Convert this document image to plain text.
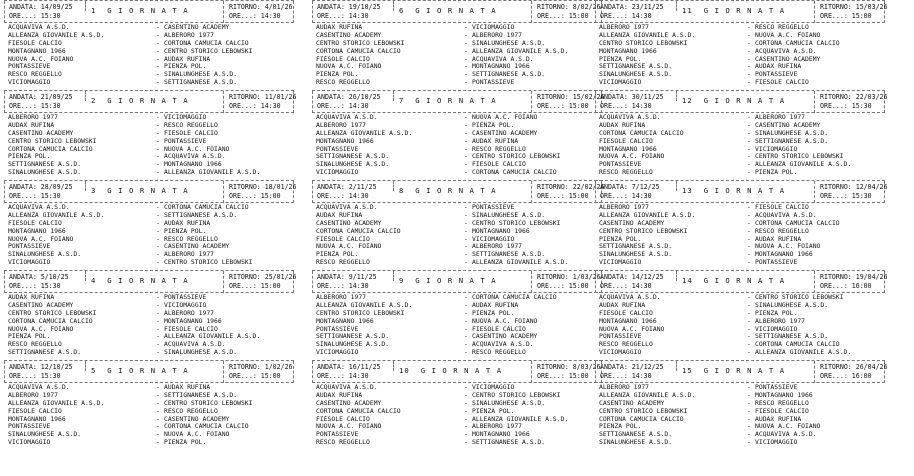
ANDATA: 14/09/25
ORE...: 15:30
1  G I O R N A T A	RITORNO: 4/01/26
ORE...: 14:30
ACQUAVIVA A.S.D.	- CASENTINO ACADEMY
ALLEANZA GIOVANILE A.S.D.	- ALBERORO 1977
FIESOLE CALCIO	- CORTONA CAMUCIA CALCIO
MONTAGNANO 1966	- CENTRO STORICO LEBOWSKI
NUOVA A.C. FOIANO	- AUDAX RUFINA
PONTASSIEVE	- PIENZA POL.
RESCO REGGELLO	- SINALUNGHESE A.S.D.
VICIOMAGGIO	- SETTIGNANESE A.S.D.
ANDATA: 21/09/25
ORE...: 15:30
2  G I O R N A T A	RITORNO: 11/01/26
ORE...: 14:30
ALBERORO 1977	- VICIOMAGGIO
AUDAX RUFINA	- RESCO REGGELLO
CASENTINO ACADEMY	- FIESOLE CALCIO
CENTRO STORICO LEBOWSKI	- PONTASSIEVE
CORTONA CAMUCIA CALCIO	- NUOVA A.C. FOIANO
PIENZA POL.	- ACQUAVIVA A.S.D.
SETTIGNANESE A.S.D.	- MONTAGNANO 1966
SINALUNGHESE A.S.D.	- ALLEANZA GIOVANILE A.S.D.
ANDATA: 28/09/25
ORE...: 15:30
3  G I O R N A T A	RITORNO: 18/01/26
ORE...: 15:00
ACQUAVIVA A.S.D.	- CORTONA CAMUCIA CALCIO
ALLEANZA GIOVANILE A.S.D.	- SETTIGNANESE A.S.D.
FIESOLE CALCIO	- AUDAX RUFINA
MONTAGNANO 1966	- PIENZA POL.
NUOVA A.C. FOIANO	- RESCO REGGELLO
PONTASSIEVE	- CASENTINO ACADEMY
SINALUNGHESE A.S.D.	- ALBERORO 1977
VICIOMAGGIO	- CENTRO STORICO LEBOWSKI
ANDATA: 5/10/25
ORE...: 15:30
4  G I O R N A T A	RITORNO: 25/01/26
ORE...: 15:00
AUDAX RUFINA	- PONTASSIEVE
CASENTINO ACADEMY	- VICIOMAGGIO
CENTRO STORICO LEBOWSKI	- ALBERORO 1977
CORTONA CAMUCIA CALCIO	- MONTAGNANO 1966
NUOVA A.C. FOIANO	- FIESOLE CALCIO
PIENZA POL.	- ALLEANZA GIOVANILE A.S.D.
RESCO REGGELLO	- ACQUAVIVA A.S.D.
SETTIGNANESE A.S.D.	- SINALUNGHESE A.S.D.
ANDATA: 12/10/25
ORE...: 15:30
5  G I O R N A T A	RITORNO: 1/02/26
ORE...: 15:00
ACQUAVIVA A.S.D.	- AUDAX RUFINA
ALBERORO 1977	- SETTIGNANESE A.S.D.
ALLEANZA GIOVANILE A.S.D.	- CENTRO STORICO LEBOWSKI
FIESOLE CALCIO	- RESCO REGGELLO
MONTAGNANO 1966	- CASENTINO ACADEMY
PONTASSIEVE	- CORTONA CAMUCIA CALCIO
SINALUNGHESE A.S.D.	- NUOVA A.C. FOIANO
VICIOMAGGIO	- PIENZA POL.
ANDATA: 19/10/25
ORE...: 14:30
6  G I O R N A T A	RITORNO: 8/02/26
ORE...: 15:00
AUDAX RUFINA	- VICIOMAGGIO
CASENTINO ACADEMY	- ALBERORO 1977
CENTRO STORICO LEBOWSKI	- SINALUNGHESE A.S.D.
CORTONA CAMUCIA CALCIO	- ALLEANZA GIOVANILE A.S.D.
FIESOLE CALCIO	- ACQUAVIVA A.S.D.
NUOVA A.C. FOIANO	- MONTAGNANO 1966
PIENZA POL.	- SETTIGNANESE A.S.D.
RESCO REGGELLO	- PONTASSIEVE
ANDATA: 26/10/25
ORE...: 14:30
7  G I O R N A T A	RITORNO: 15/02/26
ORE...: 15:00
ACQUAVIVA A.S.D.	- NUOVA A.C. FOIANO
ALBERORO 1977	- PIENZA POL.
ALLEANZA GIOVANILE A.S.D.	- CASENTINO ACADEMY
MONTAGNANO 1966	- AUDAX RUFINA
PONTASSIEVE	- RESCO REGGELLO
SETTIGNANESE A.S.D.	- CENTRO STORICO LEBOWSKI
SINALUNGHESE A.S.D.	- FIESOLE CALCIO
VICIOMAGGIO	- CORTONA CAMUCIA CALCIO
ANDATA: 2/11/25
ORE...: 14:30
8  G I O R N A T A	RITORNO: 22/02/26
ORE...: 15:00
ACQUAVIVA A.S.D.	- PONTASSIEVE
AUDAX RUFINA	- SINALUNGHESE A.S.D.
CASENTINO ACADEMY	- CENTRO STORICO LEBOWSKI
CORTONA CAMUCIA CALCIO	- MONTAGNANO 1966
FIESOLE CALCIO	- VICIOMAGGIO
NUOVA A.C. FOIANO	- ALBERORO 1977
PIENZA POL.	- SETTIGNANESE A.S.D.
RESCO REGGELLO	- ALLEANZA GIOVANILE A.S.D.
ANDATA: 9/11/25
ORE...: 14:30
9  G I O R N A T A	RITORNO: 1/03/26
ORE...: 15:00
ALBERORO 1977	- CORTONA CAMUCIA CALCIO
ALLEANZA GIOVANILE A.S.D.	- AUDAX RUFINA
CENTRO STORICO LEBOWSKI	- PIENZA POL.
MONTAGNANO 1966	- NUOVA A.C. FOIANO
PONTASSIEVE	- FIESOLE CALCIO
SETTIGNANESE A.S.D.	- CASENTINO ACADEMY
SINALUNGHESE A.S.D.	- ACQUAVIVA A.S.D.
VICIOMAGGIO	- RESCO REGGELLO
ANDATA: 16/11/25
ORE...: 14:30
10  G I O R N A T A	RITORNO: 8/03/26
ORE...: 15:00
ACQUAVIVA A.S.D.	- VICIOMAGGIO
AUDAX RUFINA	- CENTRO STORICO LEBOWSKI
CASENTINO ACADEMY	- SINALUNGHESE A.S.D.
CORTONA CAMUCIA CALCIO	- PIENZA POL.
FIESOLE CALCIO	- ALLEANZA GIOVANILE A.S.D.
NUOVA A.C. FOIANO	- ALBERORO 1977
PONTASSIEVE	- MONTAGNANO 1966
RESCO REGGELLO	- SETTIGNANESE A.S.D.
ANDATA: 23/11/25
ORE...: 14:30
11  G I O R N A T A	RITORNO: 15/03/26
ORE...: 15:00
ALBERORO 1977	- RESCO REGGELLO
ALLEANZA GIOVANILE A.S.D.	- NUOVA A.C. FOIANO
CENTRO STORICO LEBOWSKI	- CORTONA CAMUCIA CALCIO
MONTAGNANO 1966	- ACQUAVIVA A.S.D.
PIENZA POL.	- CASENTINO ACADEMY
SETTIGNANESE A.S.D.	- AUDAX RUFINA
SINALUNGHESE A.S.D.	- PONTASSIEVE
VICIOMAGGIO	- FIESOLE CALCIO
ANDATA: 30/11/25
ORE...: 14:30
12  G I O R N A T A	RITORNO: 22/03/26
ORE...: 15:30
ACQUAVIVA A.S.D.	- ALBERORO 1977
AUDAX RUFINA	- CASENTINO ACADEMY
CORTONA CAMUCIA CALCIO	- SINALUNGHESE A.S.D.
FIESOLE CALCIO	- SETTIGNANESE A.S.D.
MONTAGNANO 1966	- VICIOMAGGIO
NUOVA A.C. FOIANO	- CENTRO STORICO LEBOWSKI
PONTASSIEVE	- ALLEANZA GIOVANILE A.S.D.
RESCO REGGELLO	- PIENZA POL.
ANDATA: 7/12/25
ORE...: 14:30
13  G I O R N A T A	RITORNO: 12/04/26
ORE...: 15:30
ALBERORO 1977	- FIESOLE CALCIO
ALLEANZA GIOVANILE A.S.D.	- ACQUAVIVA A.S.D.
CASENTINO ACADEMY	- CORTONA CAMUCIA CALCIO
CENTRO STORICO LEBOWSKI	- RESCO REGGELLO
PIENZA POL.	- AUDAX RUFINA
SETTIGNANESE A.S.D.	- NUOVA A.C. FOIANO
SINALUNGHESE A.S.D.	- MONTAGNANO 1966
VICIOMAGGIO	- PONTASSIEVE
ANDATA: 14/12/25
ORE...: 14:30
14  G I O R N A T A	RITORNO: 19/04/26
ORE...: 16:00
ACQUAVIVA A.S.D.	- CENTRO STORICO LEBOWSKI
AUDAX RUFINA	- SINALUNGHESE A.S.D.
FIESOLE CALCIO	- PIENZA POL.
MONTAGNANO 1966	- ALBERORO 1977
NUOVA A.C. FOIANO	- VICIOMAGGIO
PONTASSIEVE	- SETTIGNANESE A.S.D.
RESCO REGGELLO	- CORTONA CAMUCIA CALCIO
VICIOMAGGIO	- ALLEANZA GIOVANILE A.S.D.
ANDATA: 21/12/25
ORE...: 14:30
15  G I O R N A T A	RITORNO: 26/04/26
ORE...: 16:00
ALBERORO 1977	- PONTASSIEVE
ALLEANZA GIOVANILE A.S.D.	- MONTAGNANO 1966
CASENTINO ACADEMY	- RESCO REGGELLO
CENTRO STORICO LEBOWSKI	- FIESOLE CALCIO
CORTONA CAMUCIA CALCIO	- AUDAX RUFINA
PIENZA POL.	- NUOVA A.C. FOIANO
SETTIGNANESE A.S.D.	- ACQUAVIVA A.S.D.
SINALUNGHESE A.S.D.	- VICIOMAGGIO
